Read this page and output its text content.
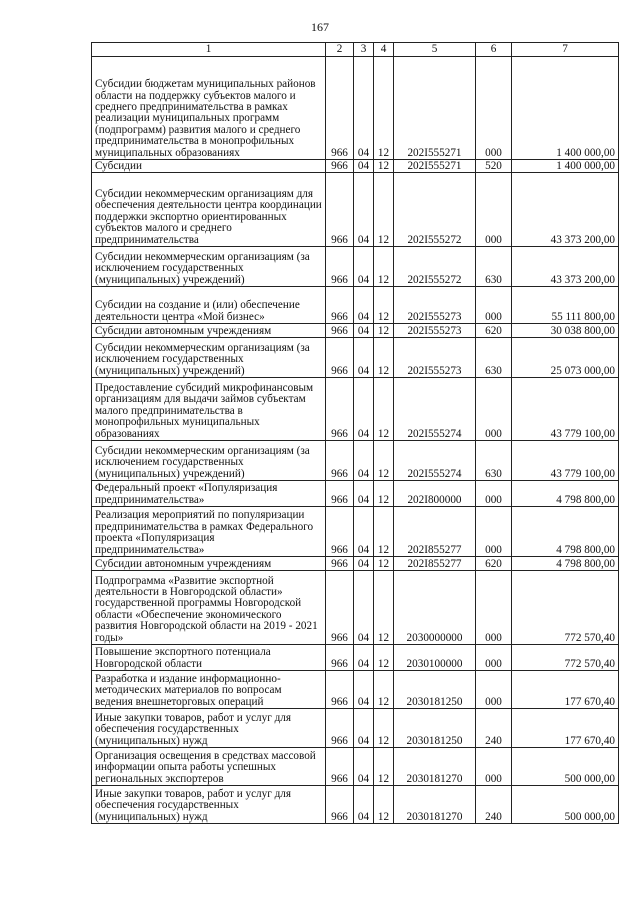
167
1	2	3	4	5	6	7
Субсидии бюджетам муниципальных районов области на поддержку субъектов малого и среднего предпринимательства в рамках реализации муниципальных программ (подпрограмм) развития малого и среднего предпринимательства в монопрофильных муниципальных образованиях	966	04	12	202I555271	000	1 400 000,00
Субсидии	966	04	12	202I555271	520	1 400 000,00
Субсидии некоммерческим организациям для обеспечения деятельности центра координации поддержки экспортно ориентированных субъектов малого и среднего предпринимательства	966	04	12	202I555272	000	43 373 200,00
Субсидии некоммерческим организациям (за исключением государственных (муниципальных) учреждений)	966	04	12	202I555272	630	43 373 200,00
Субсидии на создание и (или) обеспечение деятельности центра «Мой бизнес»	966	04	12	202I555273	000	55 111 800,00
Субсидии автономным учреждениям	966	04	12	202I555273	620	30 038 800,00
Субсидии некоммерческим организациям (за исключением государственных (муниципальных) учреждений)	966	04	12	202I555273	630	25 073 000,00
Предоставление субсидий микрофинансовым организациям для выдачи займов субъектам малого предпринимательства в монопрофильных муниципальных образованиях	966	04	12	202I555274	000	43 779 100,00
Субсидии некоммерческим организациям (за исключением государственных (муниципальных) учреждений)	966	04	12	202I555274	630	43 779 100,00
Федеральный проект «Популяризация предпринимательства»	966	04	12	202I800000	000	4 798 800,00
Реализация мероприятий по популяризации предпринимательства в рамках Федерального проекта «Популяризация предпринимательства»	966	04	12	202I855277	000	4 798 800,00
Субсидии автономным учреждениям	966	04	12	202I855277	620	4 798 800,00
Подпрограмма «Развитие экспортной деятельности в Новгородской области» государственной программы Новгородской области «Обеспечение экономического развития Новгородской области на 2019 - 2021 годы»	966	04	12	2030000000	000	772 570,40
Повышение экспортного потенциала Новгородской области	966	04	12	2030100000	000	772 570,40
Разработка и издание информационно-методических материалов по вопросам ведения внешнеторговых операций	966	04	12	2030181250	000	177 670,40
Иные закупки товаров, работ и услуг для обеспечения государственных (муниципальных) нужд	966	04	12	2030181250	240	177 670,40
Организация освещения в средствах массовой информации опыта работы успешных региональных экспортеров	966	04	12	2030181270	000	500 000,00
Иные закупки товаров, работ и услуг для обеспечения государственных (муниципальных) нужд	966	04	12	2030181270	240	500 000,00
